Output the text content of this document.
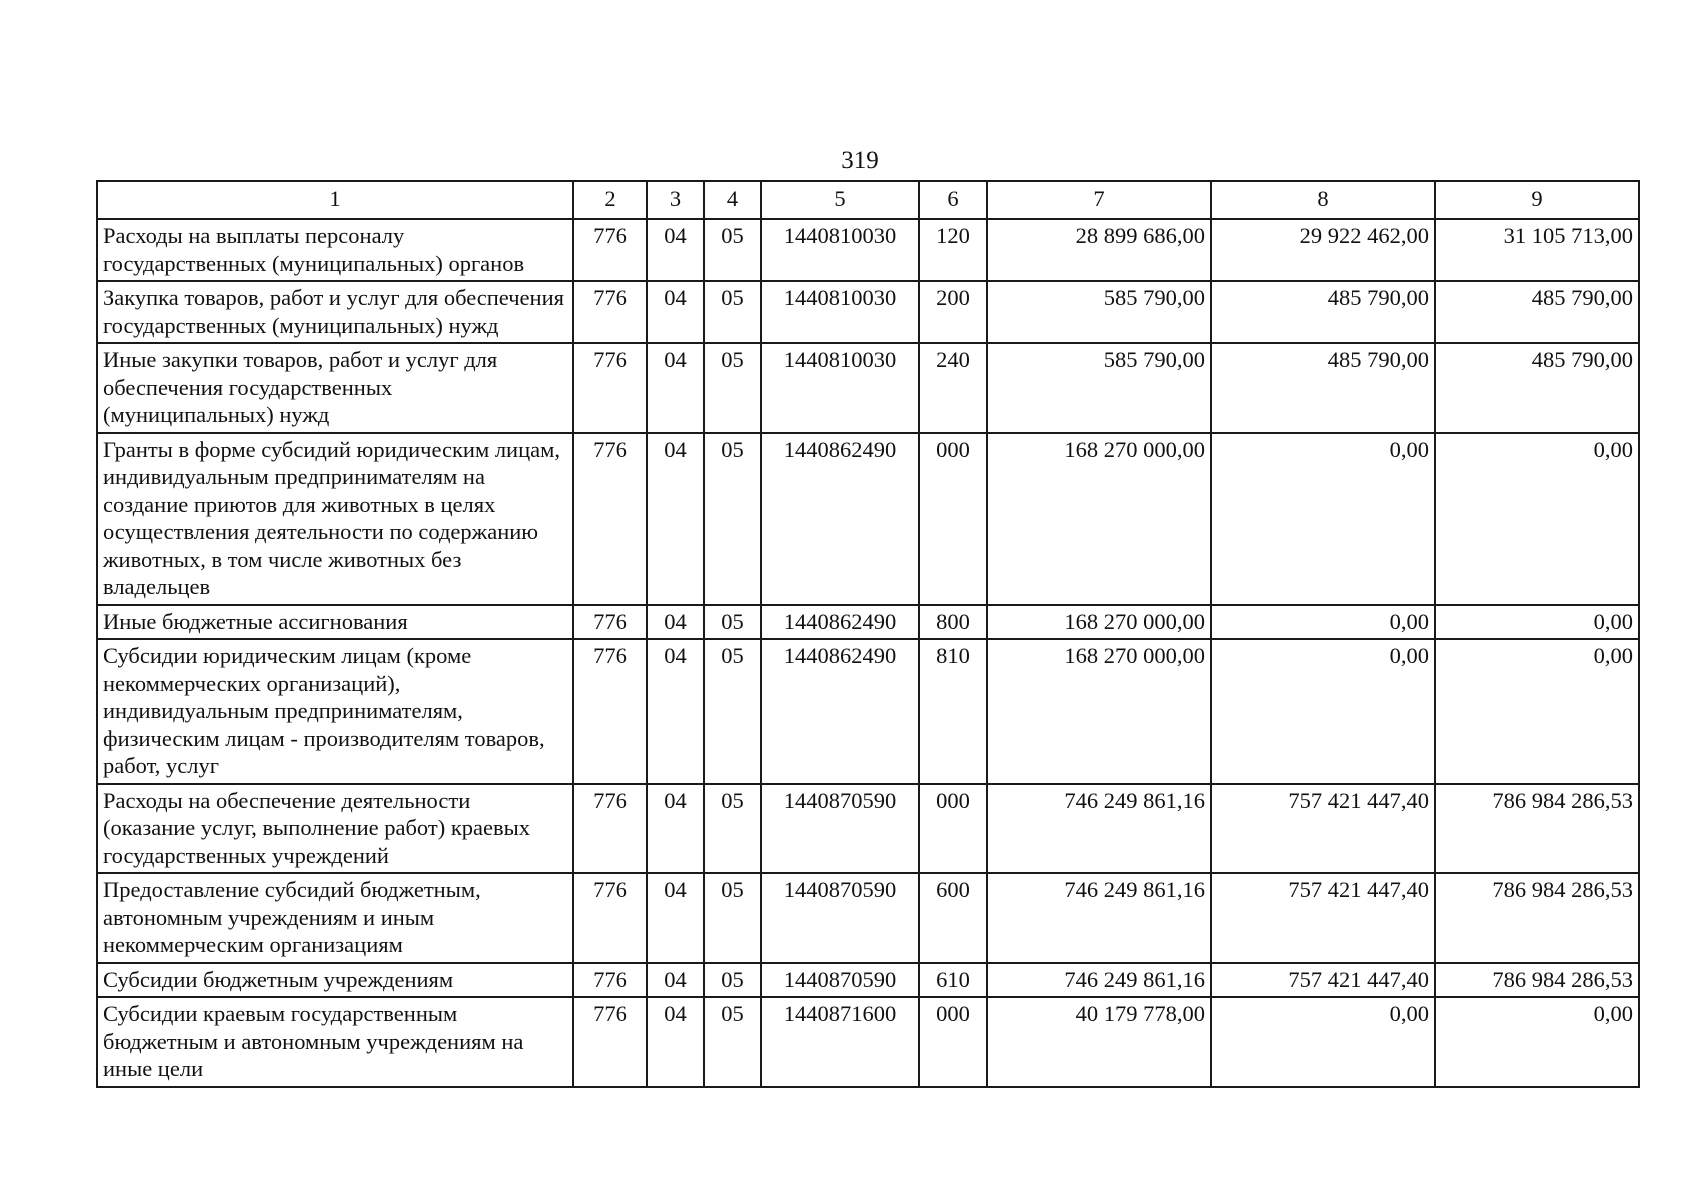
319
1	2	3	4	5	6	7	8	9
Расходы на выплаты персоналу государственных (муниципальных) органов	776	04	05	1440810030	120	28 899 686,00	29 922 462,00	31 105 713,00
Закупка товаров, работ и услуг для обеспечения государственных (муниципальных) нужд	776	04	05	1440810030	200	585 790,00	485 790,00	485 790,00
Иные закупки товаров, работ и услуг для обеспечения государственных (муниципальных) нужд	776	04	05	1440810030	240	585 790,00	485 790,00	485 790,00
Гранты в форме субсидий юридическим лицам, индивидуальным предпринимателям на создание приютов для животных в целях осуществления деятельности по содержанию животных, в том числе животных без владельцев	776	04	05	1440862490	000	168 270 000,00	0,00	0,00
Иные бюджетные ассигнования	776	04	05	1440862490	800	168 270 000,00	0,00	0,00
Субсидии юридическим лицам (кроме некоммерческих организаций), индивидуальным предпринимателям, физическим лицам - производителям товаров, работ, услуг	776	04	05	1440862490	810	168 270 000,00	0,00	0,00
Расходы на обеспечение деятельности (оказание услуг, выполнение работ) краевых государственных учреждений	776	04	05	1440870590	000	746 249 861,16	757 421 447,40	786 984 286,53
Предоставление субсидий бюджетным, автономным учреждениям и иным некоммерческим организациям	776	04	05	1440870590	600	746 249 861,16	757 421 447,40	786 984 286,53
Субсидии бюджетным учреждениям	776	04	05	1440870590	610	746 249 861,16	757 421 447,40	786 984 286,53
Субсидии краевым государственным бюджетным и автономным учреждениям на иные цели	776	04	05	1440871600	000	40 179 778,00	0,00	0,00
